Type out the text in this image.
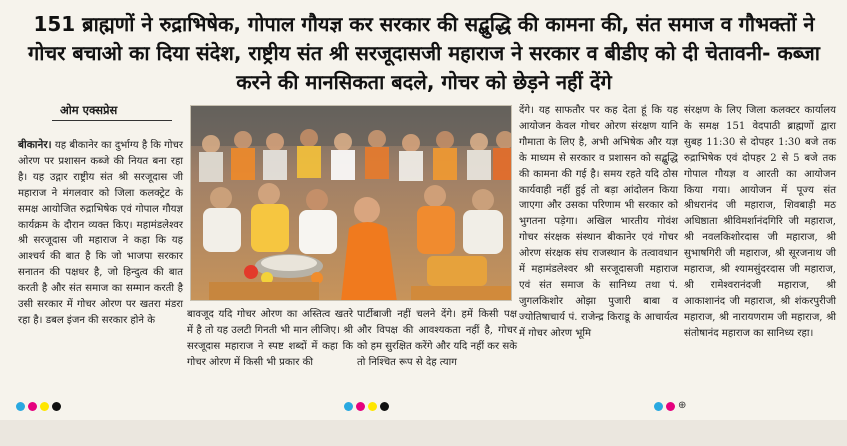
151 ब्राह्मणों ने रुद्राभिषेक, गोपाल गौयज्ञ कर सरकार की सद्बुद्धि की कामना की, संत समाज व गौभक्तों ने गोचर बचाओ का दिया संदेश, राष्ट्रीय संत श्री सरजूदासजी महाराज ने सरकार व बीडीए को दी चेतावनी- कब्जा करने की मानसिकता बदले, गोचर को छेड़ने नहीं देंगे
ओम एक्सप्रेस

बीकानेर। यह बीकानेर का दुर्भाग्य है कि गोचर ओरण पर प्रशासन कब्जे की नियत बना रहा है। यह उद्गार राष्ट्रीय संत श्री सरजूदास जी महाराज ने मंगलवार को जिला कलक्ट्रेट के समक्ष आयोजित रुद्राभिषेक एवं गोपाल गौयज्ञ कार्यक्रम के दौरान व्यक्त किए। महामंडलेश्वर श्री सरजूदास जी महाराज ने कहा कि यह आश्चर्य की बात है कि जो भाजपा सरकार सनातन की पक्षधर है, जो हिन्दुत्व की बात करती है और संत समाज का सम्मान करती है उसी सरकार में गोचर ओरण पर खतरा मंडरा रहा है। डबल इंजन की सरकार होने के

बावजूद यदि गोचर ओरण का अस्तित्व खतरे में है तो यह उलटी गिनती भी मान लीजिए। श्री सरजूदास महाराज ने स्पष्ट शब्दों में कहा कि गोचर ओरण में किसी भी प्रकार की

पार्टीबाजी नहीं चलने देंगे। हमें किसी पक्ष और विपक्ष की आवश्यकता नहीं है, गोचर को हम सुरक्षित करेंगे और यदि नहीं कर सके तो निश्चित रूप से देह त्याग

देंगे। यह साफतौर पर कह देता हूं कि यह आयोजन केवल गोचर ओरण संरक्षण यानि गौमाता के लिए है, अभी अभिषेक और यज्ञ के माध्यम से सरकार व प्रशासन को सद्बुद्धि की कामना की गई है। समय रहते यदि ठोस कार्यवाही नहीं हुई तो बड़ा आंदोलन किया जाएगा और उसका परिणाम भी सरकार को भुगतना पड़ेगा। अखिल भारतीय गोवंश गोचर संरक्षक संस्थान बीकानेर एवं गोचर ओरण संरक्षक संघ राजस्थान के तत्वावधान में महामंडलेश्वर श्री सरजूदासजी महाराज एवं संत समाज के सानिध्य तथा पं. जुगलकिशोर ओझा पुजारी बाबा व ज्योतिषाचार्य पं. राजेन्द्र किराडू के आचार्यत्व में गोचर ओरण भूमि

संरक्षण के लिए जिला कलक्टर कार्यालय के समक्ष 151 वेदपाठी ब्राह्मणों द्वारा सुबह 11:30 से दोपहर 1:30 बजे तक रुद्राभिषेक एवं दोपहर 2 से 5 बजे तक गोपाल गौयज्ञ व आरती का आयोजन किया गया। आयोजन में पूज्य संत श्रीधरानंद जी महाराज, शिवबाड़ी मठ अधिष्ठाता श्रीविमर्शानंदगिरि जी महाराज, श्री नवलकिशोरदास जी महाराज, श्री सुभाषगिरी जी महाराज, श्री सूरजनाथ जी महाराज, श्री श्यामसुंदरदास जी महाराज, श्री रामेश्वरानंदजी महाराज, श्री आकाशानंद जी महाराज, श्री शंकरपुरीजी महाराज, श्री नारायणराम जी महाराज, श्री संतोषानंद महाराज का सानिध्य रहा।

⊕
